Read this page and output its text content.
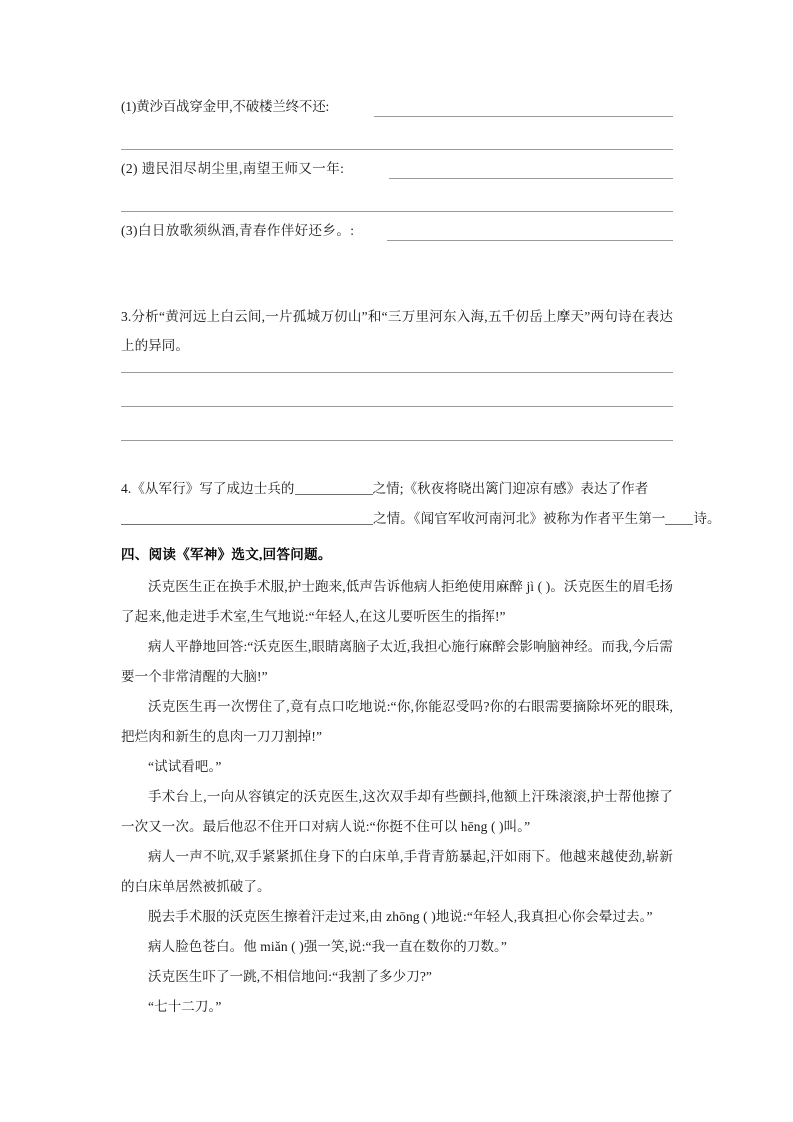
(1)黄沙百战穿金甲,不破楼兰终不还:
(2) 遗民泪尽胡尘里,南望王师又一年:
(3)白日放歌须纵酒,青春作伴好还乡。:
3.分析“黄河远上白云间,一片孤城万仞山”和“三万里河东入海,五千仞岳上摩天”两句诗在表达上的异同。
4.《从军行》写了成边士兵的	之情;《秋夜将晓出篱门迎凉有感》表达了作者
之情。《闻官军收河南河北》被称为作者平生第一 诗。
四、阅读《军神》选文,回答问题。
沃克医生正在换手术服,护士跑来,低声告诉他病人拒绝使用麻醉 jì ( )。沃克医生的眉毛扬了起来,他走进手术室,生气地说:“年轻人,在这儿要听医生的指挥!”
病人平静地回答:“沃克医生,眼睛离脑子太近,我担心施行麻醉会影响脑神经。而我,今后需要一个非常清醒的大脑!”
沃克医生再一次愣住了,竟有点口吃地说:“你,你能忍受吗?你的右眼需要摘除坏死的眼珠,把烂肉和新生的息肉一刀刀割掉!”
“试试看吧。”
手术台上,一向从容镇定的沃克医生,这次双手却有些颤抖,他额上汗珠滚滚,护士帮他擦了一次又一次。最后他忍不住开口对病人说:“你挺不住可以 hēng ( )叫。”
病人一声不吭,双手紧紧抓住身下的白床单,手背青筋暴起,汗如雨下。他越来越使劲,崭新的白床单居然被抓破了。
脱去手术服的沃克医生擦着汗走过来,由 zhōng ( )地说:“年轻人,我真担心你会晕过去。”
病人脸色苍白。他 miǎn ( )强一笑,说:“我一直在数你的刀数。”
沃克医生吓了一跳,不相信地问:“我割了多少刀?”
“七十二刀。”
